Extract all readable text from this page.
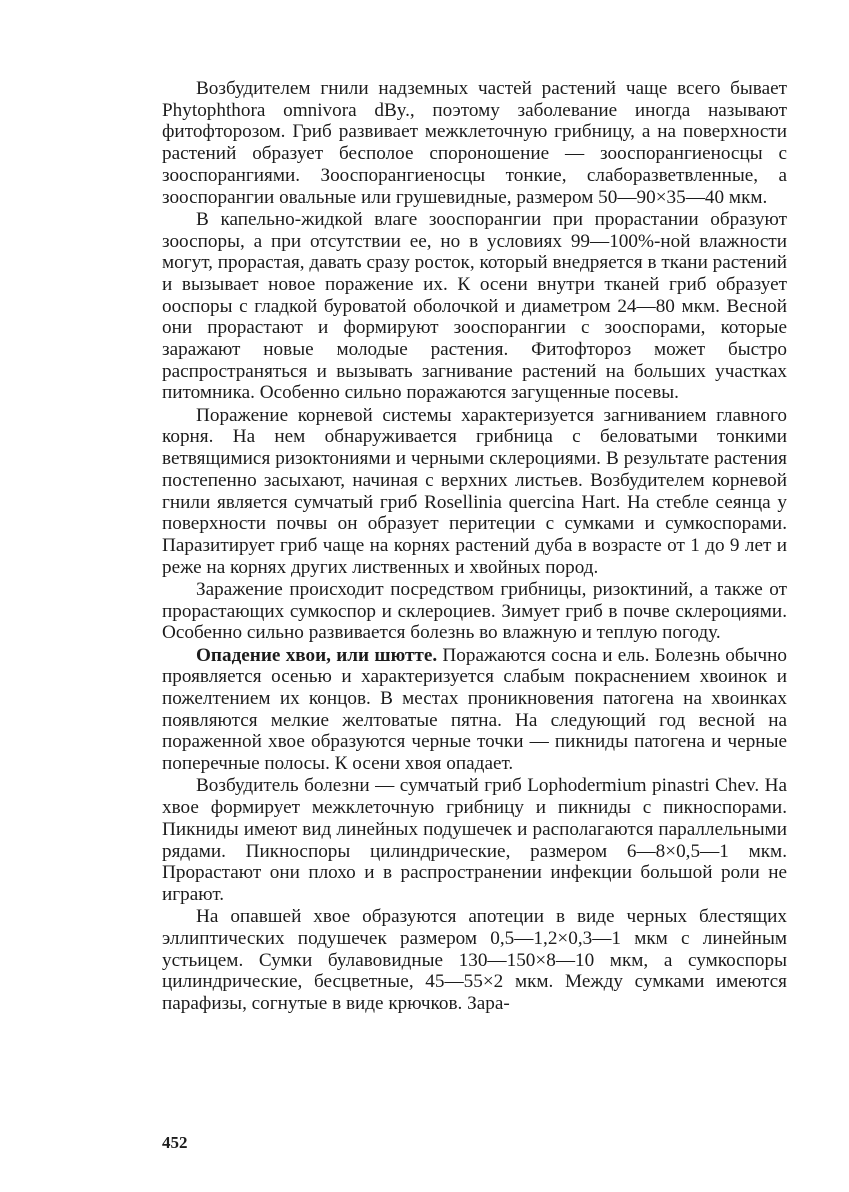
Возбудителем гнили надземных частей растений чаще всего бывает Phytophthora omnivora dBy., поэтому заболевание иногда называют фитофторозом. Гриб развивает межклеточную грибницу, а на поверхности растений образует бесполое спороношение — зооспорангиеносцы с зооспорангиями. Зооспорангиеносцы тонкие, слаборазветвленные, а зооспорангии овальные или грушевидные, размером 50—90×35—40 мкм.

В капельно-жидкой влаге зооспорангии при прорастании образуют зооспоры, а при отсутствии ее, но в условиях 99—100%-ной влажности могут, прорастая, давать сразу росток, который внедряется в ткани растений и вызывает новое поражение их. К осени внутри тканей гриб образует ооспоры с гладкой буроватой оболочкой и диаметром 24—80 мкм. Весной они прорастают и формируют зооспорангии с зооспорами, которые заражают новые молодые растения. Фитофтороз может быстро распространяться и вызывать загнивание растений на больших участках питомника. Особенно сильно поражаются загущенные посевы.

Поражение корневой системы характеризуется загниванием главного корня. На нем обнаруживается грибница с беловатыми тонкими ветвящимися ризоктониями и черными склероциями. В результате растения постепенно засыхают, начиная с верхних листьев. Возбудителем корневой гнили является сумчатый гриб Rosellinia quercina Hart. На стебле сеянца у поверхности почвы он образует перитеции с сумками и сумкоспорами. Паразитирует гриб чаще на корнях растений дуба в возрасте от 1 до 9 лет и реже на корнях других лиственных и хвойных пород.

Заражение происходит посредством грибницы, ризоктиний, а также от прорастающих сумкоспор и склероциев. Зимует гриб в почве склероциями. Особенно сильно развивается болезнь во влажную и теплую погоду.

Опадение хвои, или шютте. Поражаются сосна и ель. Болезнь обычно проявляется осенью и характеризуется слабым покраснением хвоинок и пожелтением их концов. В местах проникновения патогена на хвоинках появляются мелкие желтоватые пятна. На следующий год весной на пораженной хвое образуются черные точки — пикниды патогена и черные поперечные полосы. К осени хвоя опадает.

Возбудитель болезни — сумчатый гриб Lophodermium pinastri Chev. На хвое формирует межклеточную грибницу и пикниды с пикноспорами. Пикниды имеют вид линейных подушечек и располагаются параллельными рядами. Пикноспоры цилиндрические, размером 6—8×0,5—1 мкм. Прорастают они плохо и в распространении инфекции большой роли не играют.

На опавшей хвое образуются апотеции в виде черных блестящих эллиптических подушечек размером 0,5—1,2×0,3—1 мкм с линейным устьицем. Сумки булавовидные 130—150×8—10 мкм, а сумкоспоры цилиндрические, бесцветные, 45—55×2 мкм. Между сумками имеются парафизы, согнутые в виде крючков. Зара-

452
